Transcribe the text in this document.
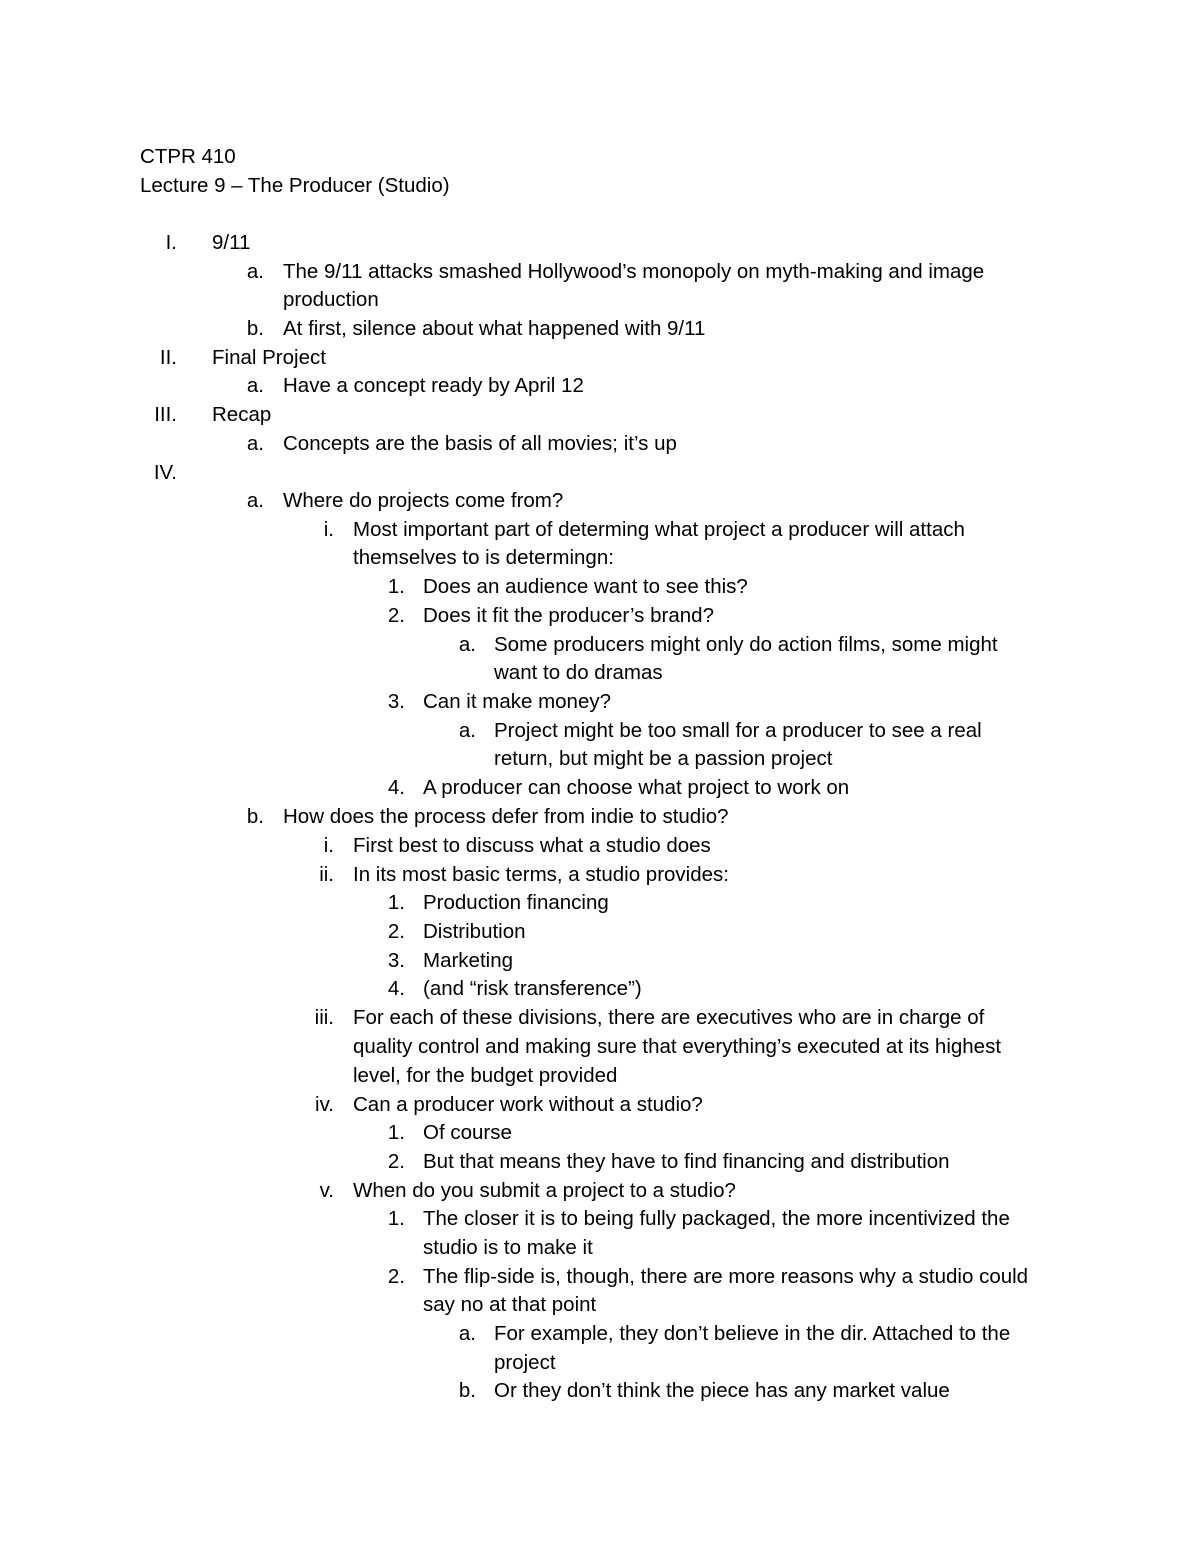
CTPR 410
Lecture 9 – The Producer (Studio)
I. 9/11
a. The 9/11 attacks smashed Hollywood’s monopoly on myth-making and image
production
b. At first, silence about what happened with 9/11
II. Final Project
a. Have a concept ready by April 12
III. Recap
a. Concepts are the basis of all movies; it’s up
IV.
a. Where do projects come from?
i. Most important part of determing what project a producer will attach
themselves to is determingn:
1. Does an audience want to see this?
2. Does it fit the producer’s brand?
a. Some producers might only do action films, some might
want to do dramas
3. Can it make money?
a. Project might be too small for a producer to see a real
return, but might be a passion project
4. A producer can choose what project to work on
b. How does the process defer from indie to studio?
i. First best to discuss what a studio does
ii. In its most basic terms, a studio provides:
1. Production financing
2. Distribution
3. Marketing
4. (and “risk transference”)
iii. For each of these divisions, there are executives who are in charge of
quality control and making sure that everything’s executed at its highest
level, for the budget provided
iv. Can a producer work without a studio?
1. Of course
2. But that means they have to find financing and distribution
v. When do you submit a project to a studio?
1. The closer it is to being fully packaged, the more incentivized the
studio is to make it
2. The flip-side is, though, there are more reasons why a studio could
say no at that point
a. For example, they don’t believe in the dir. Attached to the
project
b. Or they don’t think the piece has any market value
